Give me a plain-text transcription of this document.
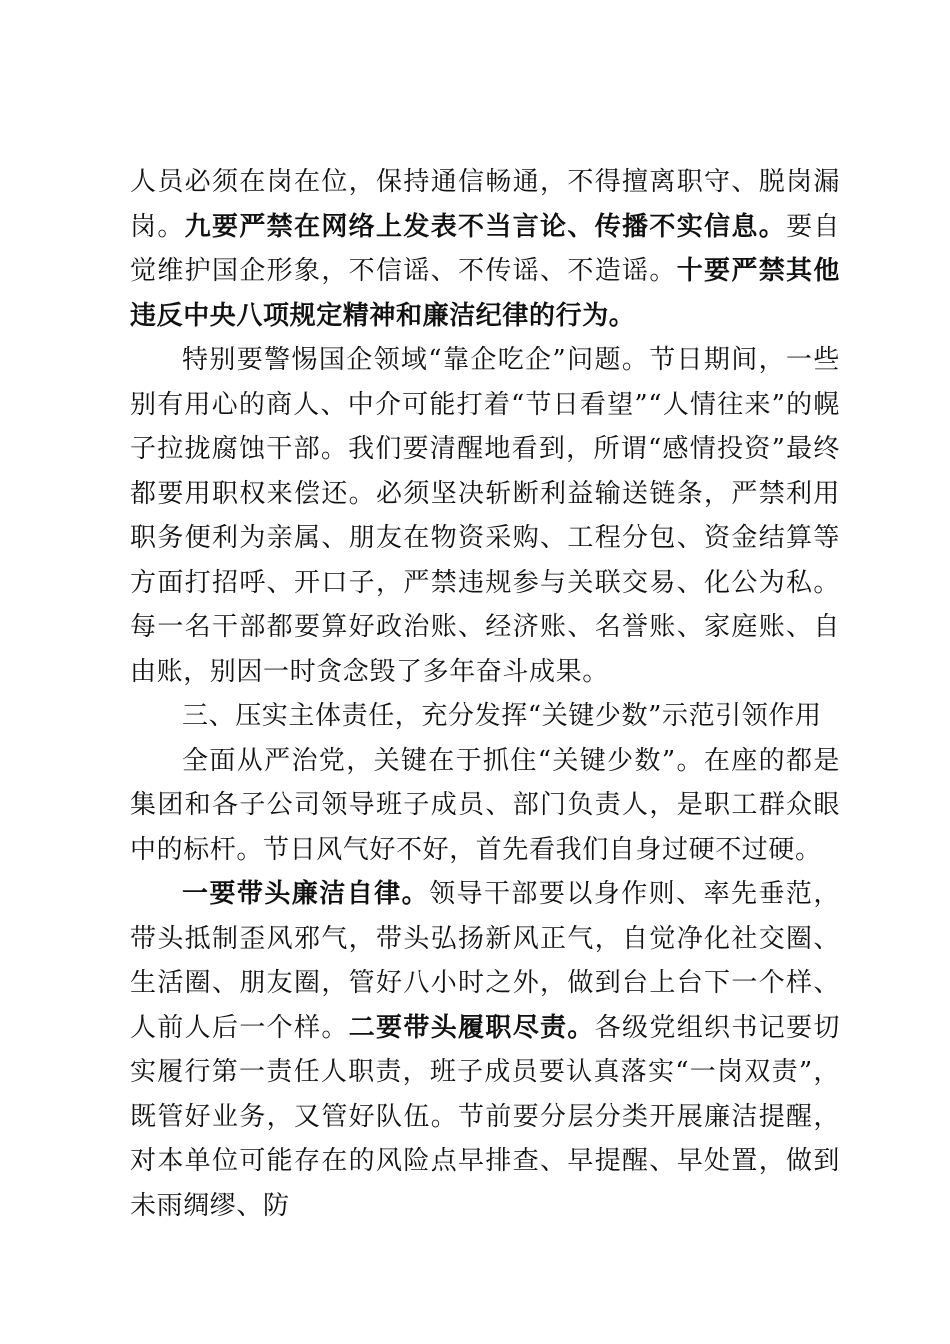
人员必须在岗在位，保持通信畅通，不得擅离职守、脱岗漏岗。九要严禁在网络上发表不当言论、传播不实信息。要自觉维护国企形象，不信谣、不传谣、不造谣。十要严禁其他违反中央八项规定精神和廉洁纪律的行为。

特别要警惕国企领域“靠企吃企”问题。节日期间，一些别有用心的商人、中介可能打着“节日看望”“人情往来”的幌子拉拢腐蚀干部。我们要清醒地看到，所谓“感情投资”最终都要用职权来偿还。必须坚决斩断利益输送链条，严禁利用职务便利为亲属、朋友在物资采购、工程分包、资金结算等方面打招呼、开口子，严禁违规参与关联交易、化公为私。每一名干部都要算好政治账、经济账、名誉账、家庭账、自由账，别因一时贪念毁了多年奋斗成果。

三、压实主体责任，充分发挥“关键少数”示范引领作用

全面从严治党，关键在于抓住“关键少数”。在座的都是集团和各子公司领导班子成员、部门负责人，是职工群众眼中的标杆。节日风气好不好，首先看我们自身过硬不过硬。

一要带头廉洁自律。领导干部要以身作则、率先垂范，带头抵制歪风邪气，带头弘扬新风正气，自觉净化社交圈、生活圈、朋友圈，管好八小时之外，做到台上台下一个样、人前人后一个样。二要带头履职尽责。各级党组织书记要切实履行第一责任人职责，班子成员要认真落实“一岗双责”，既管好业务，又管好队伍。节前要分层分类开展廉洁提醒，对本单位可能存在的风险点早排查、早提醒、早处置，做到未雨绸缪、防
